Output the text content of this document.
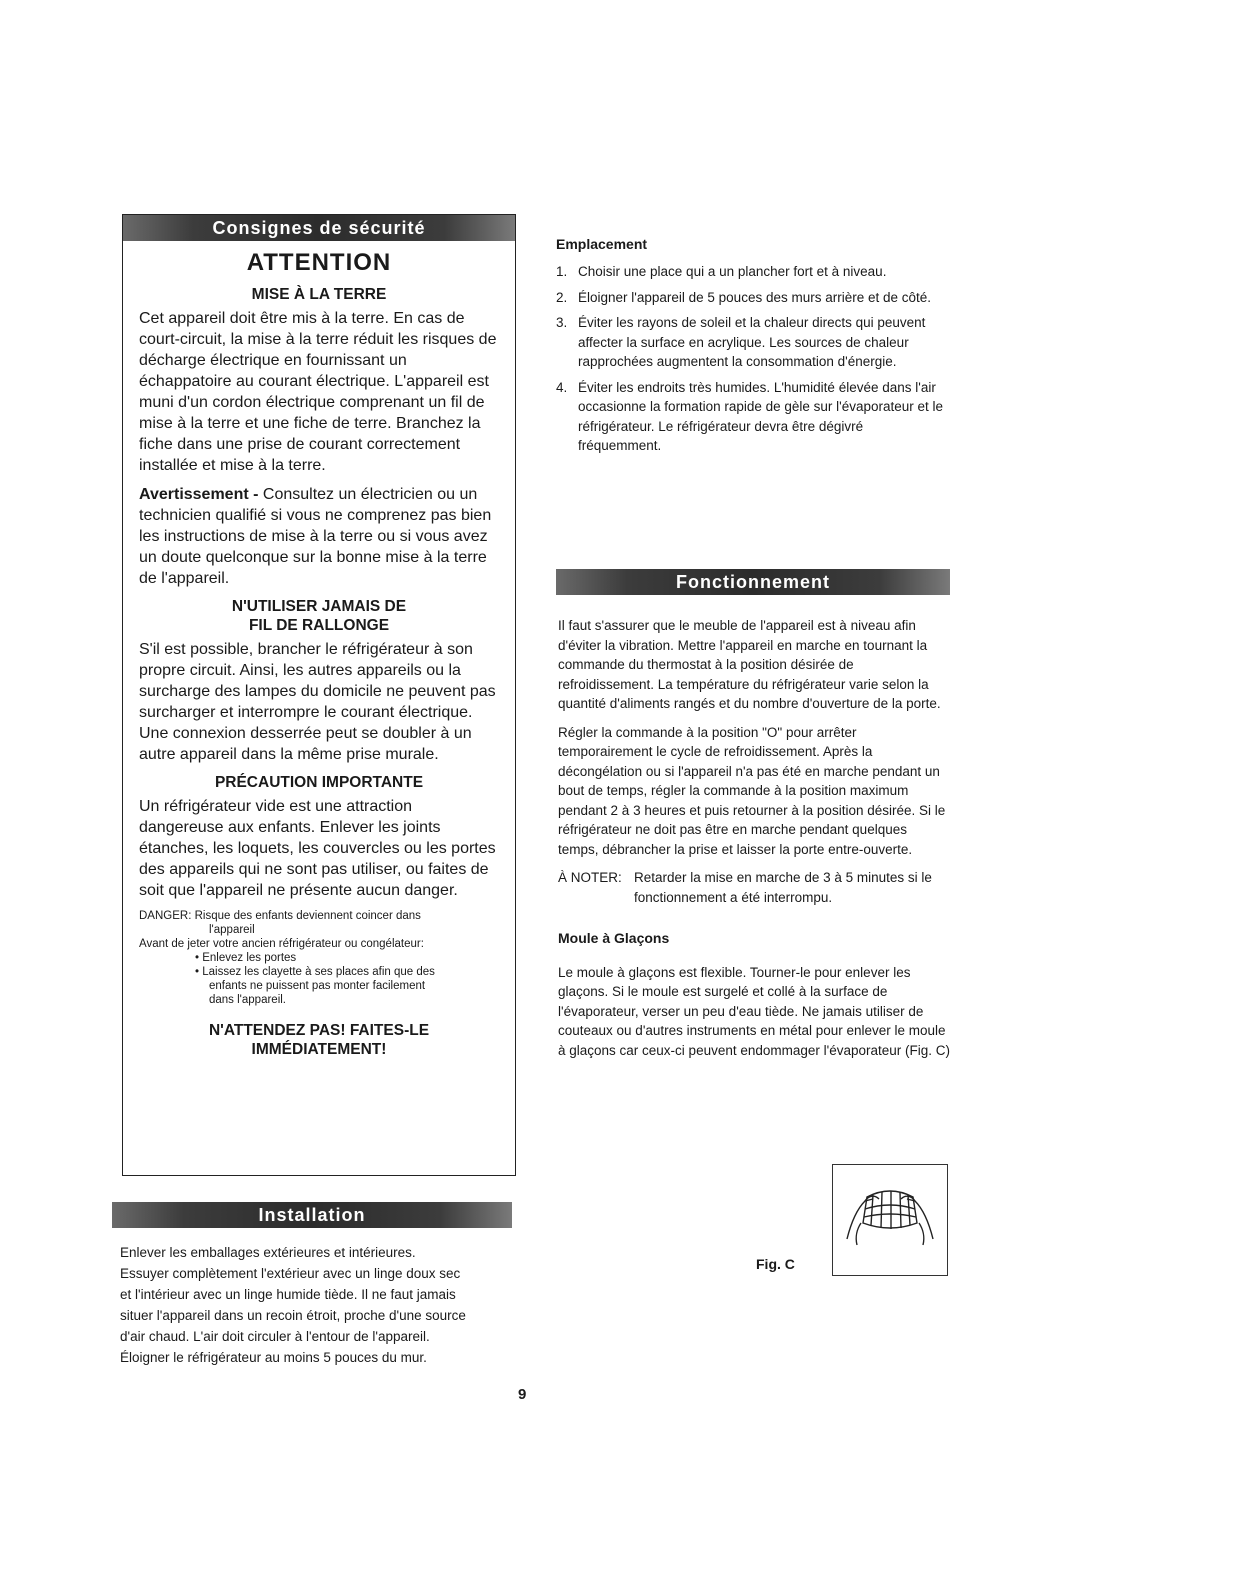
Consignes de sécurité
ATTENTION
MISE À LA TERRE

Cet appareil doit être mis à la terre. En cas de court-circuit, la mise à la terre réduit les risques de décharge électrique en fournissant un échappatoire au courant électrique. L'appareil est muni d'un cordon électrique comprenant un fil de mise à la terre et une fiche de terre. Branchez la fiche dans une prise de courant correctement installée et mise à la terre.

Avertissement - Consultez un électricien ou un technicien qualifié si vous ne comprenez pas bien les instructions de mise à la terre ou si vous avez un doute quelconque sur la bonne mise à la terre de l'appareil.

N'UTILISER JAMAIS DE
FIL DE RALLONGE

S'il est possible, brancher le réfrigérateur à son propre circuit. Ainsi, les autres appareils ou la surcharge des lampes du domicile ne peuvent pas surcharger et interrompre le courant électrique. Une connexion desserrée peut se doubler à un autre appareil dans la même prise murale.

PRÉCAUTION IMPORTANTE

Un réfrigérateur vide est une attraction dangereuse aux enfants. Enlever les joints étanches, les loquets, les couvercles ou les portes des appareils qui ne sont pas utiliser, ou faites de soit que l'appareil ne présente aucun danger.

DANGER: Risque des enfants deviennent coincer dans
l'appareil
Avant de jeter votre ancien réfrigérateur ou congélateur:
• Enlevez les portes
• Laissez les clayette à ses places afin que des
enfants ne puissent pas monter facilement
dans l'appareil.
N'ATTENDEZ PAS! FAITES-LE
IMMÉDIATEMENT!
Installation
Enlever les emballages extérieures et intérieures.
Essuyer complètement l'extérieur avec un linge doux sec
et l'intérieur avec un linge humide tiède. Il ne faut jamais
situer l'appareil dans un recoin étroit, proche d'une source
d'air chaud. L'air doit circuler à l'entour de l'appareil.
Éloigner le réfrigérateur au moins 5 pouces du mur.
Emplacement
1. Choisir une place qui a un plancher fort et à niveau.
2. Éloigner l'appareil de 5 pouces des murs arrière et de côté.
3. Éviter les rayons de soleil et la chaleur directs qui peuvent affecter la surface en acrylique. Les sources de chaleur rapprochées augmentent la consommation d'énergie.
4. Éviter les endroits très humides. L'humidité élevée dans l'air occasionne la formation rapide de gèle sur l'évaporateur et le réfrigérateur. Le réfrigérateur devra être dégivré fréquemment.
Fonctionnement

Il faut s'assurer que le meuble de l'appareil est à niveau afin d'éviter la vibration. Mettre l'appareil en marche en tournant la commande du thermostat à la position désirée de refroidissement. La température du réfrigérateur varie selon la quantité d'aliments rangés et du nombre d'ouverture de la porte.

Régler la commande à la position "O" pour arrêter temporairement le cycle de refroidissement. Après la décongélation ou si l'appareil n'a pas été en marche pendant un bout de temps, régler la commande à la position maximum pendant 2 à 3 heures et puis retourner à la position désirée. Si le réfrigérateur ne doit pas être en marche pendant quelques temps, débrancher la prise et laisser la porte entre-ouverte.

À NOTER: Retarder la mise en marche de 3 à 5 minutes si le fonctionnement a été interrompu.
Moule à Glaçons

Le moule à glaçons est flexible. Tourner-le pour enlever les glaçons. Si le moule est surgelé et collé à la surface de l'évaporateur, verser un peu d'eau tiède. Ne jamais utiliser de couteaux ou d'autres instruments en métal pour enlever le moule à glaçons car ceux-ci peuvent endommager l'évaporateur (Fig. C)

Fig. C
9
